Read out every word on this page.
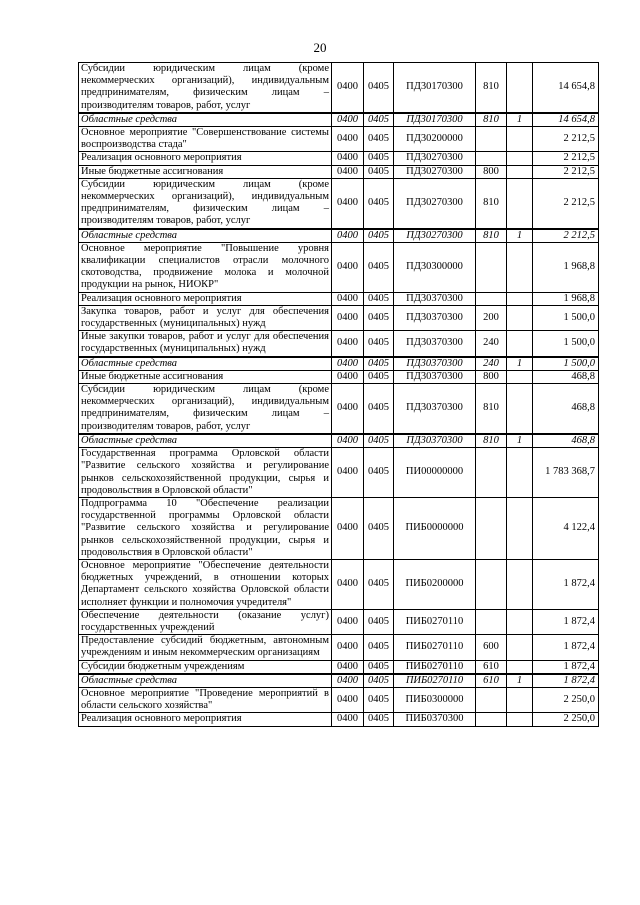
20
Субсидии юридическим лицам (кроме некоммерческих организаций), индивидуальным предпринимателям, физическим лицам – производителям товаров, работ, услуг	0400	0405	ПД30170300	810		14 654,8
Областные средства	0400	0405	ПД30170300	810	1	14 654,8
Основное мероприятие "Совершенствование системы воспроизводства стада"	0400	0405	ПД30200000			2 212,5
Реализация основного мероприятия	0400	0405	ПД30270300			2 212,5
Иные бюджетные ассигнования	0400	0405	ПД30270300	800		2 212,5
Субсидии юридическим лицам (кроме некоммерческих организаций), индивидуальным предпринимателям, физическим лицам – производителям товаров, работ, услуг	0400	0405	ПД30270300	810		2 212,5
Областные средства	0400	0405	ПД30270300	810	1	2 212,5
Основное мероприятие "Повышение уровня квалификации специалистов отрасли молочного скотоводства, продвижение молока и молочной продукции на рынок, НИОКР"	0400	0405	ПД30300000			1 968,8
Реализация основного мероприятия	0400	0405	ПД30370300			1 968,8
Закупка товаров, работ и услуг для обеспечения государственных (муниципальных) нужд	0400	0405	ПД30370300	200		1 500,0
Иные закупки товаров, работ и услуг для обеспечения государственных (муниципальных) нужд	0400	0405	ПД30370300	240		1 500,0
Областные средства	0400	0405	ПД30370300	240	1	1 500,0
Иные бюджетные ассигнования	0400	0405	ПД30370300	800		468,8
Субсидии юридическим лицам (кроме некоммерческих организаций), индивидуальным предпринимателям, физическим лицам – производителям товаров, работ, услуг	0400	0405	ПД30370300	810		468,8
Областные средства	0400	0405	ПД30370300	810	1	468,8
Государственная программа Орловской области "Развитие сельского хозяйства и регулирование рынков сельскохозяйственной продукции, сырья и продовольствия в Орловской области"	0400	0405	ПИ00000000			1 783 368,7
Подпрограмма 10 "Обеспечение реализации государственной программы Орловской области "Развитие сельского хозяйства и регулирование рынков сельскохозяйственной продукции, сырья и продовольствия в Орловской области"	0400	0405	ПИБ0000000			4 122,4
Основное мероприятие "Обеспечение деятельности бюджетных учреждений, в отношении которых Департамент сельского хозяйства Орловской области исполняет функции и полномочия учредителя"	0400	0405	ПИБ0200000			1 872,4
Обеспечение деятельности (оказание услуг) государственных учреждений	0400	0405	ПИБ0270110			1 872,4
Предоставление субсидий бюджетным, автономным учреждениям и иным некоммерческим организациям	0400	0405	ПИБ0270110	600		1 872,4
Субсидии бюджетным учреждениям	0400	0405	ПИБ0270110	610		1 872,4
Областные средства	0400	0405	ПИБ0270110	610	1	1 872,4
Основное мероприятие "Проведение мероприятий в области сельского хозяйства"	0400	0405	ПИБ0300000			2 250,0
Реализация основного мероприятия	0400	0405	ПИБ0370300			2 250,0
